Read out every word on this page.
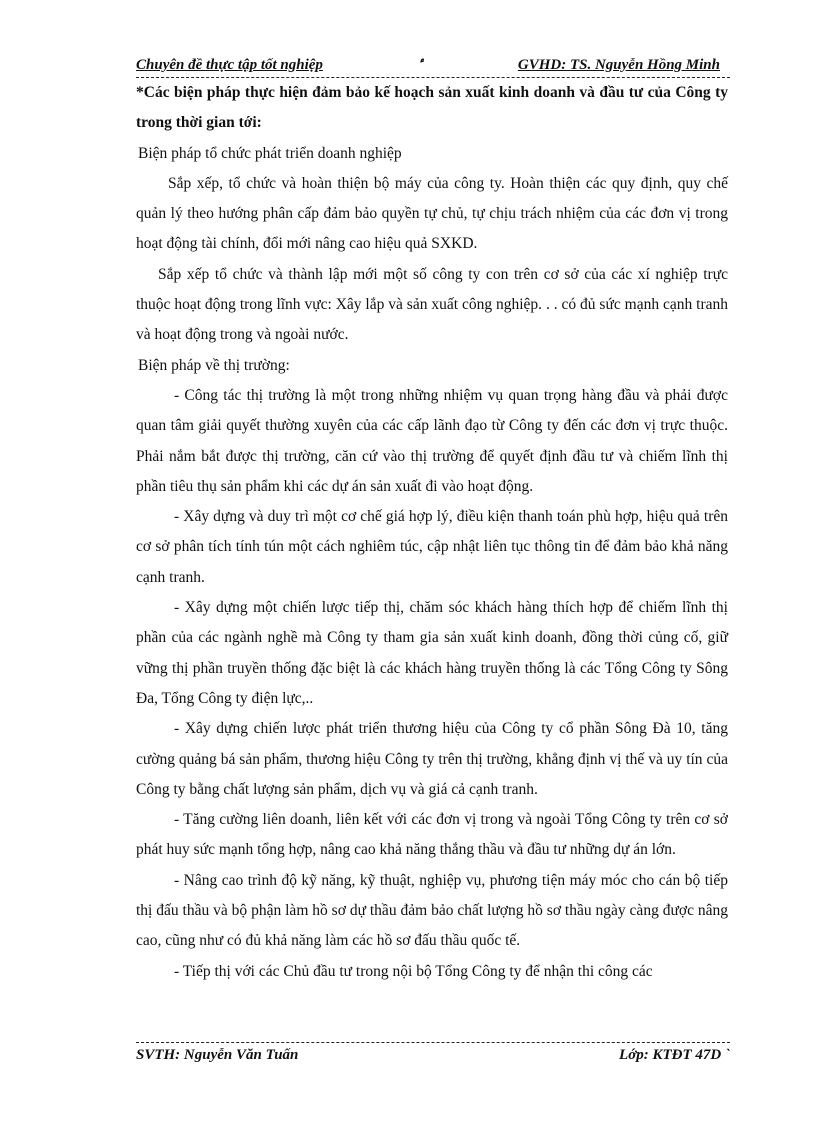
Chuyên đề thực tập tốt nghiệp	GVHD: TS. Nguyễn Hồng Minh

*Các biện pháp thực hiện đảm bảo kế hoạch sản xuất kinh doanh và đầu tư của Công ty trong thời gian tới:

Biện pháp tổ chức phát triển doanh nghiệp

Sắp xếp, tổ chức và hoàn thiện bộ máy của công ty. Hoàn thiện các quy định, quy chế quản lý theo hướng phân cấp đảm bảo quyền tự chủ, tự chịu trách nhiệm của các đơn vị trong hoạt động tài chính, đổi mới nâng cao hiệu quả SXKD.

Sắp xếp tổ chức và thành lập mới một số công ty con trên cơ sở của các xí nghiệp trực thuộc hoạt động trong lĩnh vực: Xây lắp và sản xuất công nghiệp. . . có đủ sức mạnh cạnh tranh và hoạt động trong và ngoài nước.

Biện pháp về thị trường:

- Công tác thị trường là một trong những nhiệm vụ quan trọng hàng đầu và phải được quan tâm giải quyết thường xuyên của các cấp lãnh đạo từ Công ty đến các đơn vị trực thuộc. Phải nắm bắt được thị trường, căn cứ vào thị trường để quyết định đầu tư và chiếm lĩnh thị phần tiêu thụ sản phẩm khi các dự án sản xuất đi vào hoạt động.

- Xây dựng và duy trì một cơ chế giá hợp lý, điều kiện thanh toán phù hợp, hiệu quả trên cơ sở phân tích tính tún một cách nghiêm túc, cập nhật liên tục thông tin để đảm bảo khả năng cạnh tranh.

- Xây dựng một chiến lược tiếp thị, chăm sóc khách hàng thích hợp để chiếm lĩnh thị phần của các ngành nghề mà Công ty tham gia sản xuất kinh doanh, đồng thời củng cố, giữ vững thị phần truyền thống đặc biệt là các khách hàng truyền thống là các Tổng Công ty Sông Đa, Tổng Công ty điện lực,..

- Xây dựng chiến lược phát triển thương hiệu của Công ty cổ phần Sông Đà 10, tăng cường quảng bá sản phẩm, thương hiệu Công ty trên thị trường, khẳng định vị thế và uy tín của Công ty bằng chất lượng sản phẩm, dịch vụ và giá cả cạnh tranh.

- Tăng cường liên doanh, liên kết với các đơn vị trong và ngoài Tổng Công ty trên cơ sở phát huy sức mạnh tổng hợp, nâng cao khả năng thắng thầu và đầu tư những dự án lớn.

- Nâng cao trình độ kỹ năng, kỹ thuật, nghiệp vụ, phương tiện máy móc cho cán bộ tiếp thị đấu thầu và bộ phận làm hồ sơ dự thầu đảm bảo chất lượng hồ sơ thầu ngày càng được nâng cao, cũng như có đủ khả năng làm các hồ sơ đấu thầu quốc tế.

- Tiếp thị với các Chủ đầu tư trong nội bộ Tổng Công ty để nhận thi công các

SVTH: Nguyễn Văn Tuấn	Lớp: KTĐT 47D `
